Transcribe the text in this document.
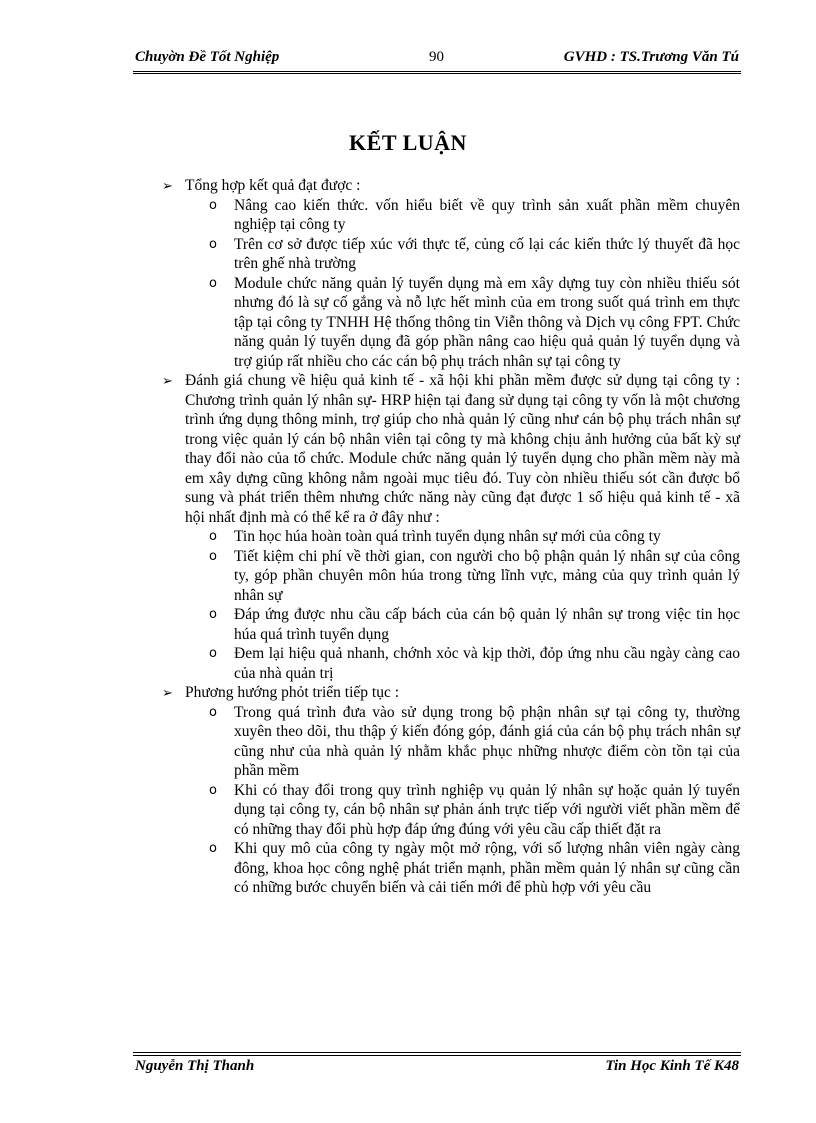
Chuyờn Đề Tốt Nghiệp	90	GVHD : TS.Trương Văn Tú
KẾT LUẬN
➢ Tổng hợp kết quả đạt được :
o Nâng cao kiến thức. vốn hiểu biết về quy trình sản xuất phần mềm chuyên nghiệp tại công ty
o Trên cơ sở được tiếp xúc với thực tế, củng cố lại các kiến thức lý thuyết đã học trên ghế nhà trường
o Module chức năng quản lý tuyển dụng mà em xây dựng tuy còn nhiều thiếu sót nhưng đó là sự cố gắng và nỗ lực hết mình của em trong suốt quá trình em thực tập tại công ty TNHH Hệ thống thông tin Viễn thông và Dịch vụ công FPT. Chức năng quản lý tuyển dụng đã góp phần nâng cao hiệu quả quản lý tuyển dụng và trợ giúp rất nhiều cho các cán bộ phụ trách nhân sự tại công ty
➢ Đánh giá chung về hiệu quả kinh tế - xã hội khi phần mềm được sử dụng tại công ty : Chương trình quản lý nhân sự- HRP hiện tại đang sử dụng tại công ty vốn là một chương trình ứng dụng thông minh, trợ giúp cho nhà quản lý cũng như cán bộ phụ trách nhân sự trong việc quản lý cán bộ nhân viên tại công ty mà không chịu ảnh hưởng của bất kỳ sự thay đổi nào của tổ chức. Module chức năng quản lý tuyển dụng cho phần mềm này mà em xây dựng cũng không nằm ngoài mục tiêu đó. Tuy còn nhiều thiếu sót cần được bổ sung và phát triển thêm nhưng chức năng này cũng đạt được 1 số hiệu quả kinh tế - xã hội nhất định mà có thể kể ra ở đây như :
o Tin học húa hoàn toàn quá trình tuyển dụng nhân sự mới của công ty
o Tiết kiệm chi phí về thời gian, con người cho bộ phận quản lý nhân sự của công ty, góp phần chuyên môn húa trong từng lĩnh vực, mảng của quy trình quản lý nhân sự
o Đáp ứng được nhu cầu cấp bách của cán bộ quản lý nhân sự trong việc tin học húa quá trình tuyển dụng
o Đem lại hiệu quả nhanh, chớnh xỏc và kịp thời, đỏp ứng nhu cầu ngày càng cao của nhà quản trị
➢ Phương hướng phỏt triển tiếp tục :
o Trong quá trình đưa vào sử dụng trong bộ phận nhân sự tại công ty, thường xuyên theo dõi, thu thập ý kiến đóng góp, đánh giá của cán bộ phụ trách nhân sự cũng như của nhà quản lý nhằm khắc phục những nhược điểm còn tồn tại của phần mềm
o Khi có thay đổi trong quy trình nghiệp vụ quản lý nhân sự hoặc quản lý tuyển dụng tại công ty, cán bộ nhân sự phản ánh trực tiếp với người viết phần mềm để có những thay đổi phù hợp đáp ứng đúng với yêu cầu cấp thiết đặt ra
o Khi quy mô của công ty ngày một mở rộng, với số lượng nhân viên ngày càng đông, khoa học công nghệ phát triển mạnh, phần mềm quản lý nhân sự cũng cần có những bước chuyển biến và cải tiến mới để phù hợp với yêu cầu
Nguyễn Thị Thanh	Tin Học Kinh Tế K48
